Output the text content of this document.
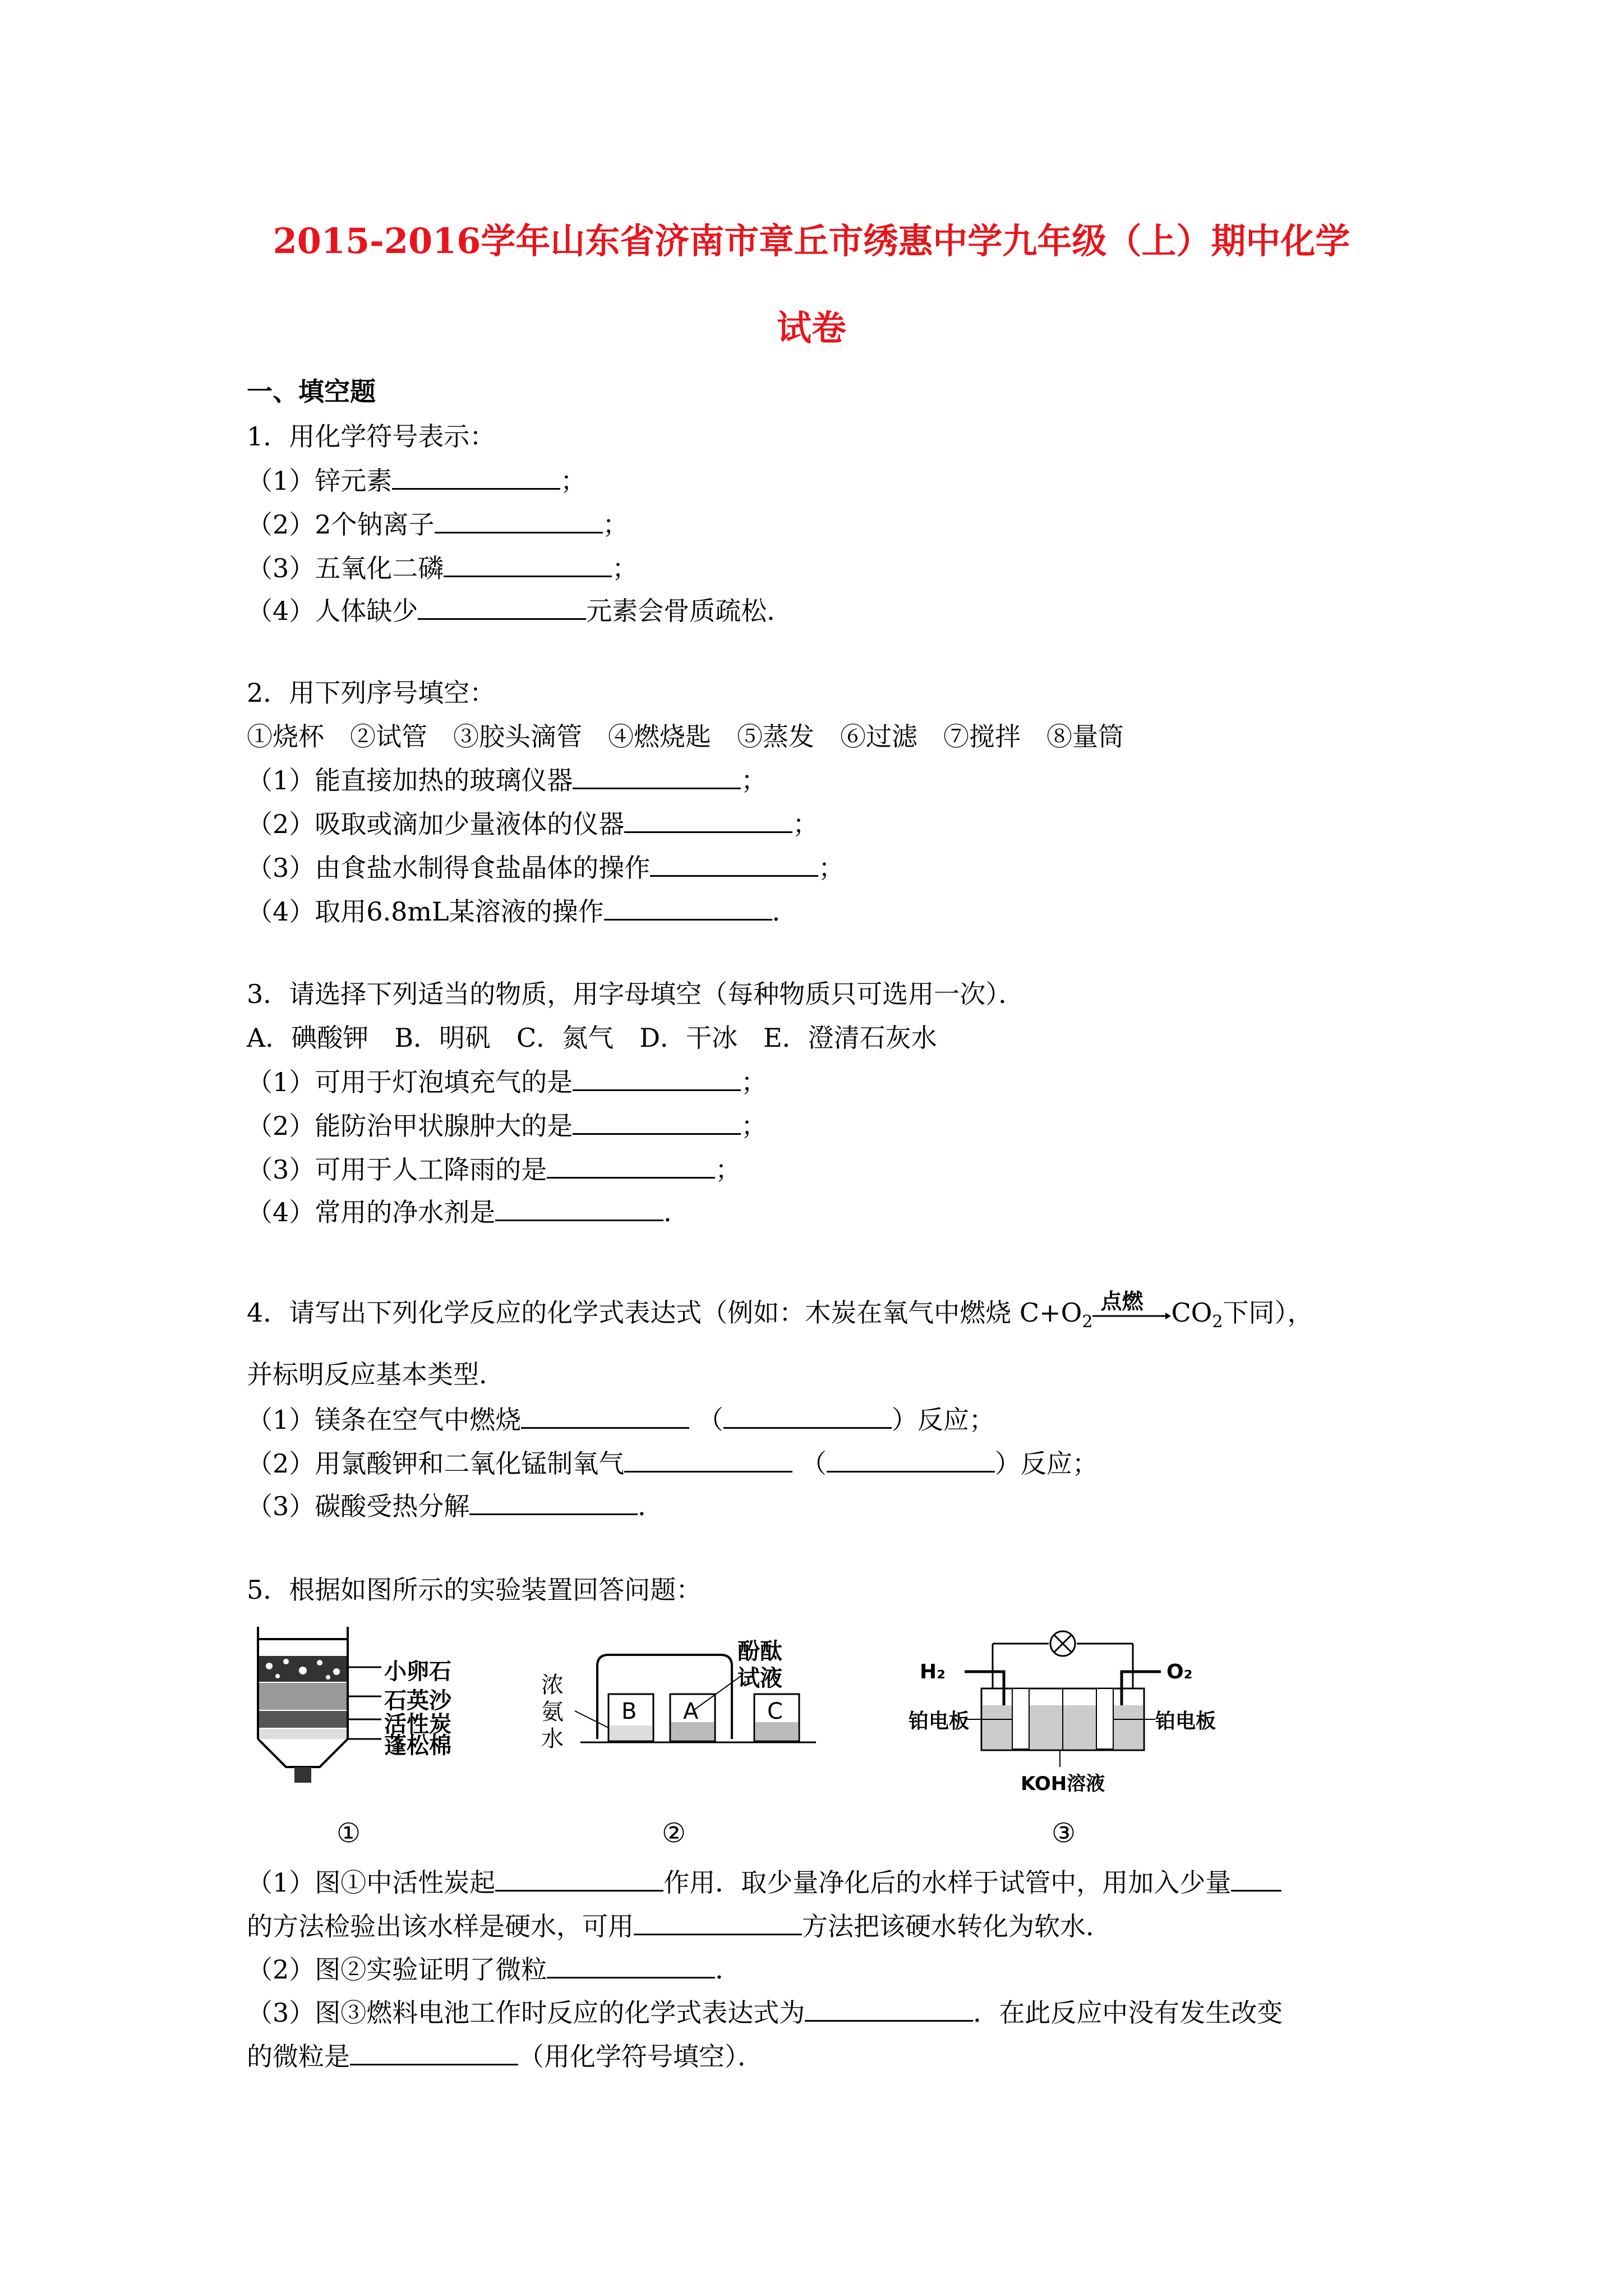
2015-2016学年山东省济南市章丘市绣惠中学九年级（上）期中化学
试卷
一、填空题
1．用化学符号表示：
（1）锌元素	；
（2）2个钠离子	；
（3）五氧化二磷	；
（4）人体缺少	元素会骨质疏松．
2．用下列序号填空：
①烧杯　②试管　③胶头滴管　④燃烧匙　⑤蒸发　⑥过滤　⑦搅拌　⑧量筒
（1）能直接加热的玻璃仪器	；
（2）吸取或滴加少量液体的仪器	；
（3）由食盐水制得食盐晶体的操作	；
（4）取用6.8mL某溶液的操作	．
3．请选择下列适当的物质，用字母填空（每种物质只可选用一次）．
A．碘酸钾　B．明矾　C．氮气　D．干冰　E．澄清石灰水
（1）可用于灯泡填充气的是	；
（2）能防治甲状腺肿大的是	；
（3）可用于人工降雨的是	；
（4）常用的净水剂是	．
4．请写出下列化学反应的化学式表达式（例如：木炭在氧气中燃烧 $C+O_2$
点燃 $CO_2$下同），
并标明反应基本类型．
（1）镁条在空气中燃烧	（	）反应；
（2）用氯酸钾和二氧化锰制氧气	（	）反应；
（3）碳酸受热分解	．
5．根据如图所示的实验装置回答问题：
小卵石
石英沙
活性炭
蓬松棉
①
浓
氨
水
酚酞
试液
B A	C
②
H₂	O₂
铂电板	铂电板
KOH溶液
③
（1）图①中活性炭起	作用．取少量净化后的水样于试管中，用加入少量
的方法检验出该水样是硬水，可用	方法把该硬水转化为软水．
（2）图②实验证明了微粒	．
（3）图③燃料电池工作时反应的化学式表达式为	．在此反应中没有发生改变
的微粒是	（用化学符号填空）．
